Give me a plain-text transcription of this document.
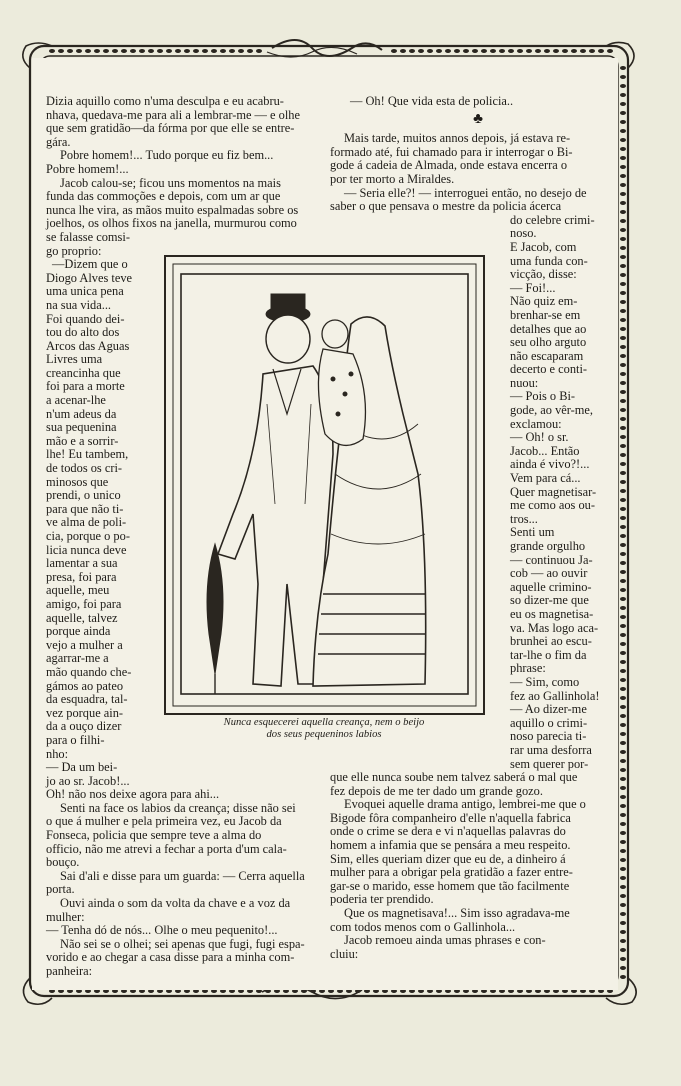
Dizia aquillo como n'uma desculpa e eu acabru-

nhava, quedava-me para ali a lembrar-me — e olhe

que sem gratidão—da fórma por que elle se entre-

gára.

Pobre homem!... Tudo porque eu fiz bem...

Pobre homem!...

Jacob calou-se; ficou uns momentos na mais

funda das commoções e depois, com um ar que

nunca lhe vira, as mãos muito espalmadas sobre os

joelhos, os olhos fixos na janella, murmurou como

se falasse comsi-

go proprio:

—Dizem que o

Diogo Alves teve

uma unica pena

na sua vida...

Foi quando dei-

tou do alto dos

Arcos das Aguas

Livres uma

creancinha que

foi para a morte

a acenar-lhe

n'um adeus da

sua pequenina

mão e a sorrir-

lhe! Eu tambem,

de todos os cri-

minosos que

prendi, o unico

para que não ti-

ve alma de poli-

cia, porque o po-

licia nunca deve

lamentar a sua

presa, foi para

aquelle, meu

amigo, foi para

aquelle, talvez

porque ainda

vejo a mulher a

agarrar-me a

mão quando che-

gámos ao pateo

da esquadra, tal-

vez porque ain-

da a ouço dizer

para o filhi-

nho:

— Da um bei-

jo ao sr. Jacob!...

Oh! não nos deixe agora para ahi...

Senti na face os labios da creança; disse não sei

o que á mulher e pela primeira vez, eu Jacob da

Fonseca, policia que sempre teve a alma do

officio, não me atrevi a fechar a porta d'um cala-

bouço.

Sai d'ali e disse para um guarda: — Cerra aquella

porta.

Ouvi ainda o som da volta da chave e a voz da

mulher:

— Tenha dó de nós... Olhe o meu pequenito!...

Não sei se o olhei; sei apenas que fugi, fugi espa-

vorido e ao chegar a casa disse para a minha com-

panheira:

— Oh! Que vida esta de policia..

♣

Mais tarde, muitos annos depois, já estava re-

formado até, fui chamado para ir interrogar o Bi-

gode á cadeia de Almada, onde estava encerra o

por ter morto a Miraldes.

— Seria elle?! — interroguei então, no desejo de

saber o que pensava o mestre da policia ácerca

do celebre crimi-

noso.

E Jacob, com

uma funda con-

vicção, disse:

— Foi!...

Não quiz em-

brenhar-se em

detalhes que ao

seu olho arguto

não escaparam

decerto e conti-

nuou:

— Pois o Bi-

gode, ao vêr-me,

exclamou:

— Oh! o sr.

Jacob... Então

ainda é vivo?!...

Vem para cá...

Quer magnetisar-

me como aos ou-

tros...

Senti um

grande orgulho

— continuou Ja-

cob — ao ouvir

aquelle crimino-

so dizer-me que

eu os magnetisa-

va. Mas logo aca-

brunhei ao escu-

tar-lhe o fim da

phrase:

— Sim, como

fez ao Gallinhola!

— Ao dizer-me

aquillo o crimi-

noso parecia ti-

rar uma desforra

sem querer por-

que elle nunca soube nem talvez saberá o mal que

fez depois de me ter dado um grande gozo.

Evoquei aquelle drama antigo, lembrei-me que o

Bigode fôra companheiro d'elle n'aquella fabrica

onde o crime se dera e vi n'aquellas palavras do

homem a infamia que se pensára a meu respeito.

Sim, elles queriam dizer que eu de, a dinheiro á

mulher para a obrigar pela gratidão a fazer entre-

gar-se o marido, esse homem que tão facilmente

poderia ter prendido.

Que os magnetisava!... Sim isso agradava-me

com todos menos com o Gallinhola...

Jacob remoeu ainda umas phrases e con-

cluiu:

Nunca esquecerei aquella creança, nem o beijo
dos seus pequeninos labios
